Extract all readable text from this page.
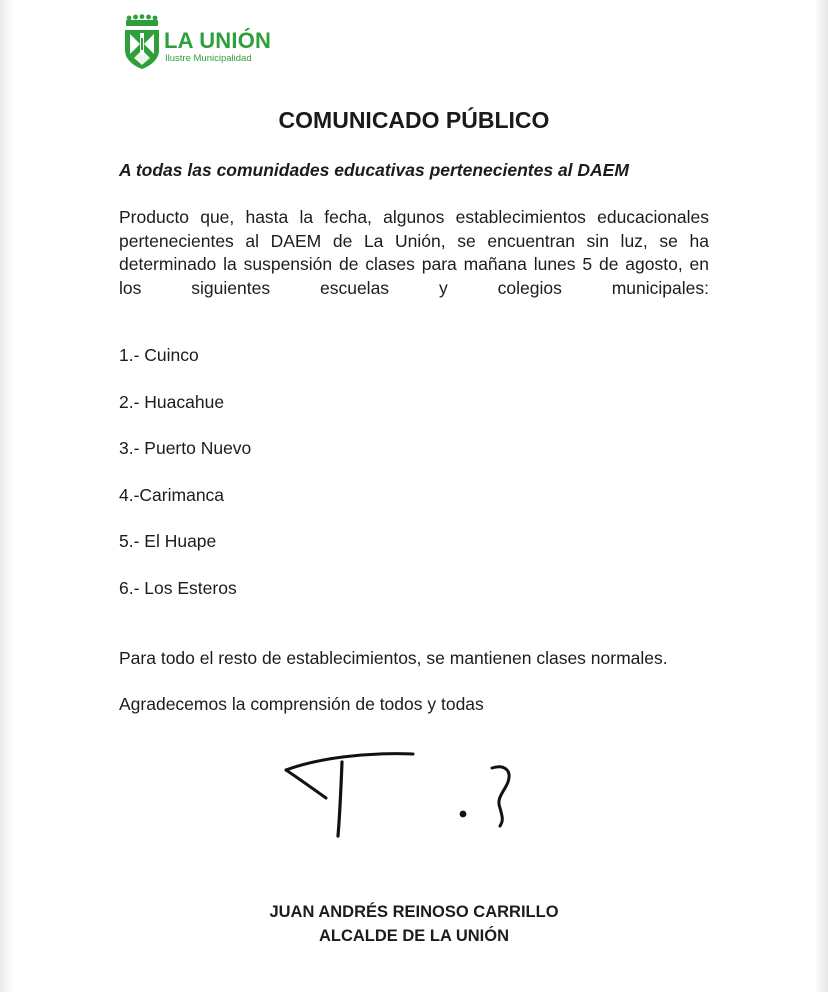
LA UNIÓN
Ilustre Municipalidad
COMUNICADO PÚBLICO
A todas las comunidades educativas pertenecientes al DAEM
Producto que, hasta la fecha, algunos establecimientos educacionales pertenecientes al DAEM de La Unión, se encuentran sin luz, se ha determinado la suspensión de clases para mañana lunes 5 de agosto, en los siguientes escuelas y colegios municipales:
1.- Cuinco
2.- Huacahue
3.- Puerto Nuevo
4.-Carimanca
5.- El Huape
6.- Los Esteros
Para todo el resto de establecimientos, se mantienen clases normales.
Agradecemos la comprensión de todos y todas
JUAN ANDRÉS REINOSO CARRILLO
ALCALDE DE LA UNIÓN
